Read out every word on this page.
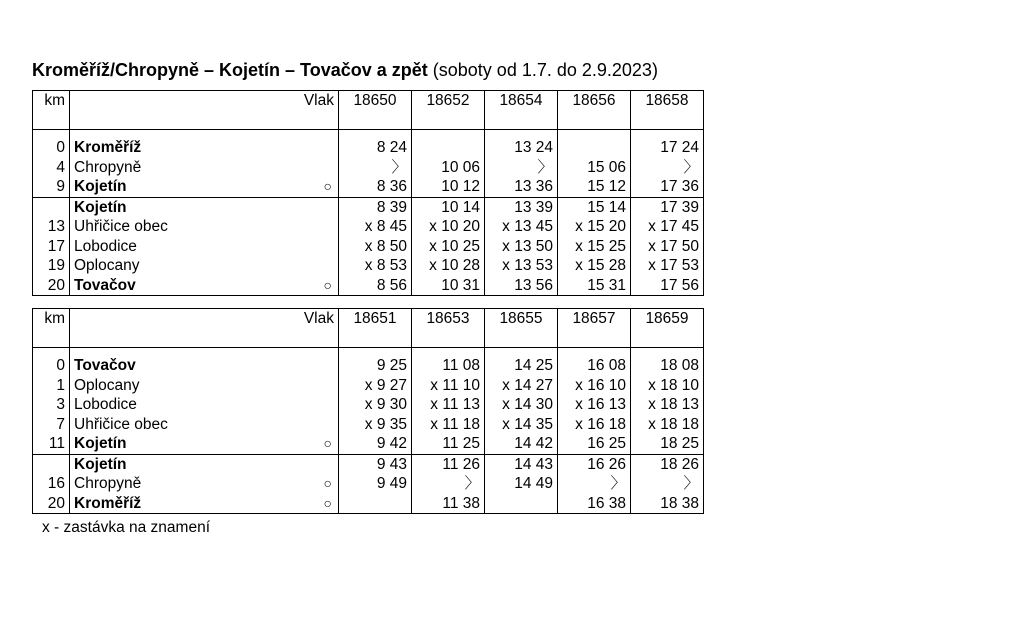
Kroměříž/Chropyně – Kojetín – Tovačov a zpět (soboty od 1.7. do 2.9.2023)
km	Vlak	18650	18652	18654	18656	18658

0	Kroměříž	8 24		13 24		17 24
4	Chropyně	〉	10 06	〉	15 06	〉
9	Kojetín ○	8 36	10 12	13 36	15 12	17 36
	Kojetín	8 39	10 14	13 39	15 14	17 39
13	Uhřičice obec	x 8 45	x 10 20	x 13 45	x 15 20	x 17 45
17	Lobodice	x 8 50	x 10 25	x 13 50	x 15 25	x 17 50
19	Oplocany	x 8 53	x 10 28	x 13 53	x 15 28	x 17 53
20	Tovačov ○	8 56	10 31	13 56	15 31	17 56
km	Vlak	18651	18653	18655	18657	18659

0	Tovačov	9 25	11 08	14 25	16 08	18 08
1	Oplocany	x 9 27	x 11 10	x 14 27	x 16 10	x 18 10
3	Lobodice	x 9 30	x 11 13	x 14 30	x 16 13	x 18 13
7	Uhřičice obec	x 9 35	x 11 18	x 14 35	x 16 18	x 18 18
11	Kojetín ○	9 42	11 25	14 42	16 25	18 25
	Kojetín	9 43	11 26	14 43	16 26	18 26
16	Chropyně ○	9 49	〉	14 49	〉	〉
20	Kroměříž ○		11 38		16 38	18 38
x - zastávka na znamení
